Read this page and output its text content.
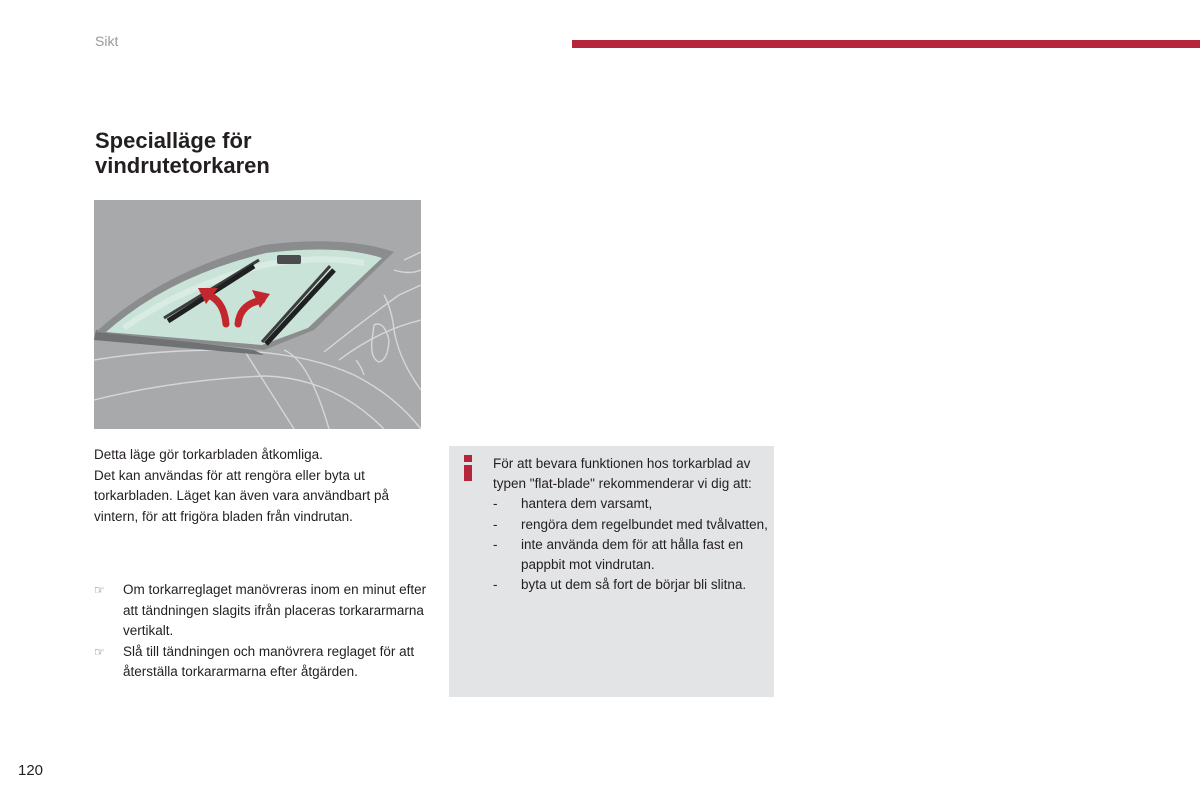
Sikt
Specialläge för
vindrutetorkaren

Detta läge gör torkarbladen åtkomliga.

Det kan användas för att rengöra eller byta ut torkarbladen. Läget kan även vara användbart på vintern, för att frigöra bladen från vindrutan.

☞ Om torkarreglaget manövreras inom en minut efter att tändningen slagits ifrån placeras torkararmarna vertikalt.
☞ Slå till tändningen och manövrera reglaget för att återställa torkararmarna efter åtgärden.

För att bevara funktionen hos torkarblad av typen "flat-blade" rekommenderar vi dig att:

- hantera dem varsamt,
- rengöra dem regelbundet med tvålvatten,
- inte använda dem för att hålla fast en pappbit mot vindrutan.
- byta ut dem så fort de börjar bli slitna.
120
